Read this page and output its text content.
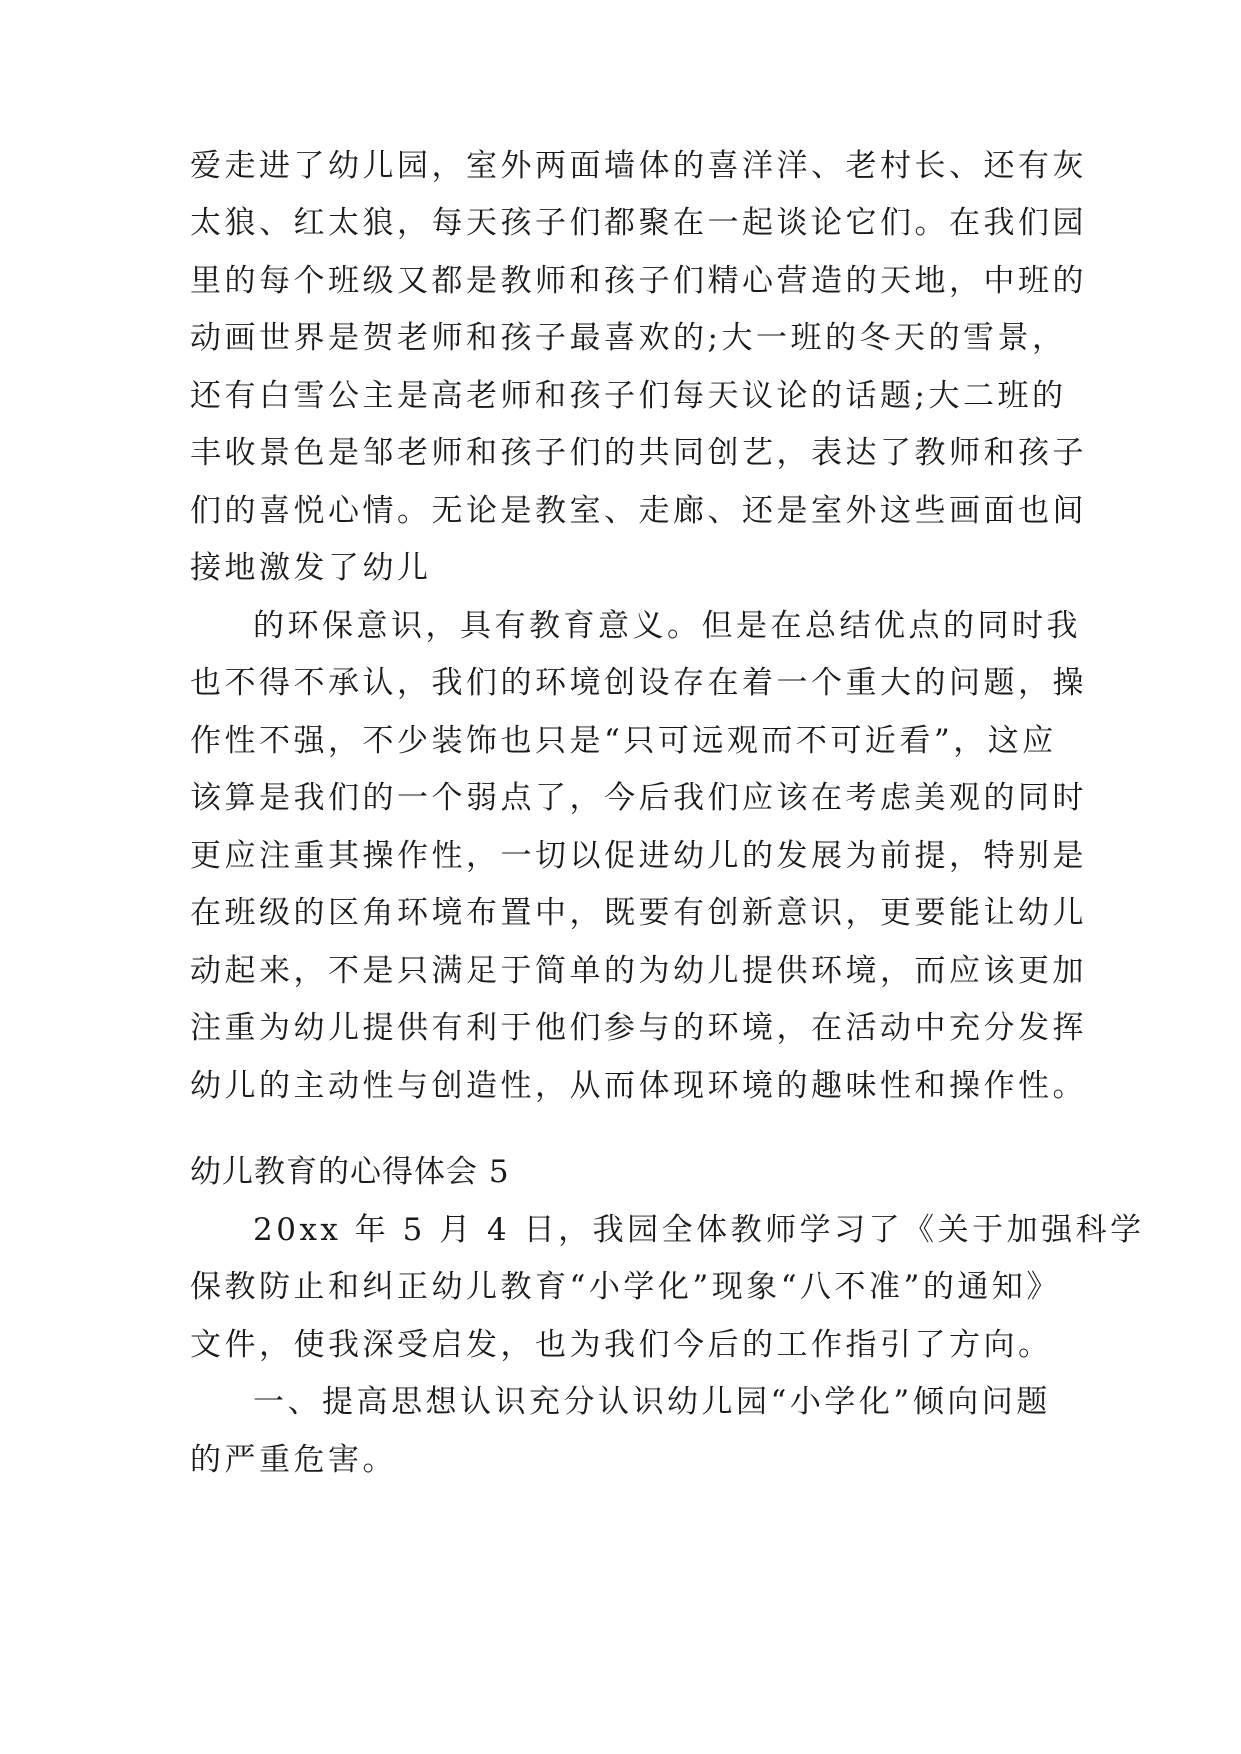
爱走进了幼儿园，室外两面墙体的喜洋洋、老村长、还有灰

太狼、红太狼，每天孩子们都聚在一起谈论它们。在我们园

里的每个班级又都是教师和孩子们精心营造的天地，中班的

动画世界是贺老师和孩子最喜欢的;大一班的冬天的雪景，

还有白雪公主是高老师和孩子们每天议论的话题;大二班的

丰收景色是邹老师和孩子们的共同创艺，表达了教师和孩子

们的喜悦心情。无论是教室、走廊、还是室外这些画面也间

接地激发了幼儿

的环保意识，具有教育意义。但是在总结优点的同时我

也不得不承认，我们的环境创设存在着一个重大的问题，操

作性不强，不少装饰也只是“只可远观而不可近看”，这应

该算是我们的一个弱点了，今后我们应该在考虑美观的同时

更应注重其操作性，一切以促进幼儿的发展为前提，特别是

在班级的区角环境布置中，既要有创新意识，更要能让幼儿

动起来，不是只满足于简单的为幼儿提供环境，而应该更加

注重为幼儿提供有利于他们参与的环境，在活动中充分发挥

幼儿的主动性与创造性，从而体现环境的趣味性和操作性。

幼儿教育的心得体会 5

20xx 年 5 月 4 日，我园全体教师学习了《关于加强科学

保教防止和纠正幼儿教育“小学化”现象“八不准”的通知》

文件，使我深受启发，也为我们今后的工作指引了方向。

一、提高思想认识充分认识幼儿园“小学化”倾向问题

的严重危害。
